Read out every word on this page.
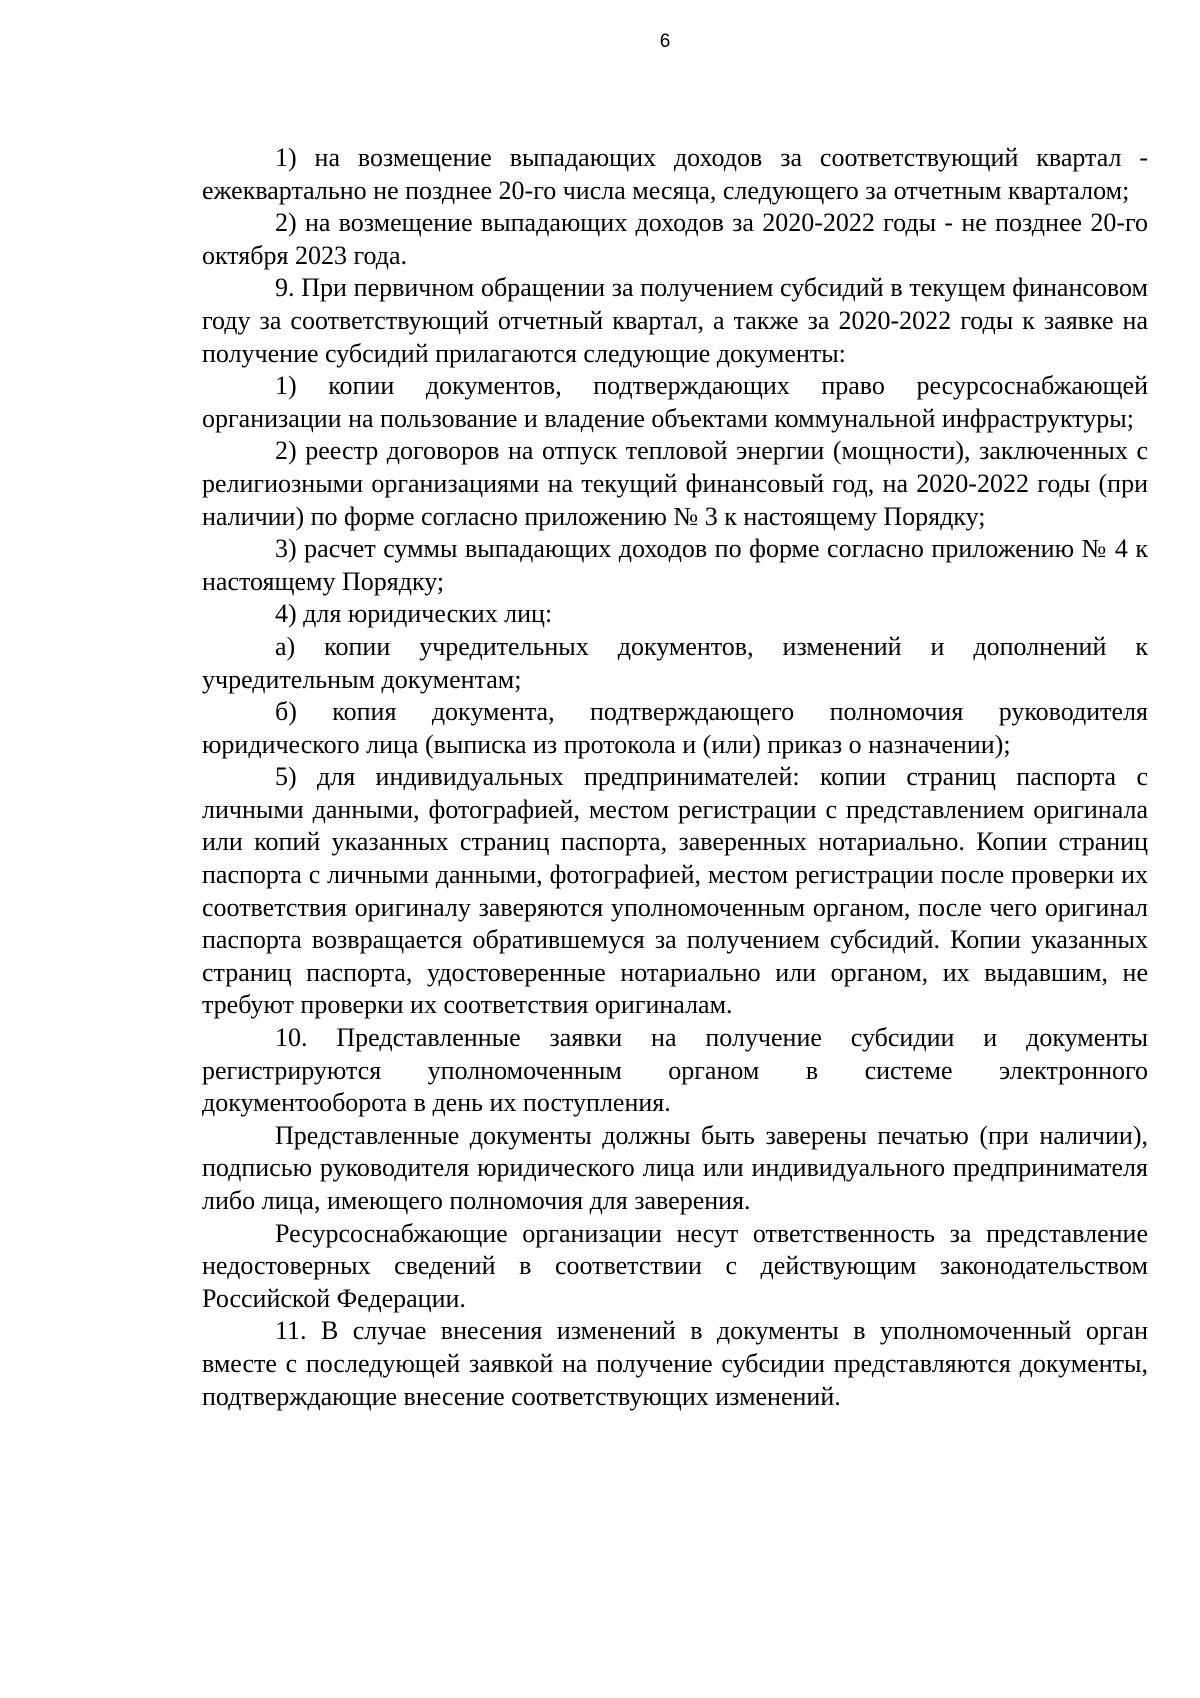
6

1) на возмещение выпадающих доходов за соответствующий квартал - ежеквартально не позднее 20-го числа месяца, следующего за отчетным кварталом;

2) на возмещение выпадающих доходов за 2020-2022 годы - не позднее 20-го октября 2023 года.

9. При первичном обращении за получением субсидий в текущем финансовом году за соответствующий отчетный квартал, а также за 2020-2022 годы к заявке на получение субсидий прилагаются следующие документы:

1) копии документов, подтверждающих право ресурсоснабжающей организации на пользование и владение объектами коммунальной инфраструктуры;

2) реестр договоров на отпуск тепловой энергии (мощности), заключенных с религиозными организациями на текущий финансовый год, на 2020-2022 годы (при наличии) по форме согласно приложению № 3 к настоящему Порядку;

3) расчет суммы выпадающих доходов по форме согласно приложению № 4 к настоящему Порядку;

4) для юридических лиц:

а) копии учредительных документов, изменений и дополнений к учредительным документам;

б) копия документа, подтверждающего полномочия руководителя юридического лица (выписка из протокола и (или) приказ о назначении);

5) для индивидуальных предпринимателей: копии страниц паспорта с личными данными, фотографией, местом регистрации с представлением оригинала или копий указанных страниц паспорта, заверенных нотариально. Копии страниц паспорта с личными данными, фотографией, местом регистрации после проверки их соответствия оригиналу заверяются уполномоченным органом, после чего оригинал паспорта возвращается обратившемуся за получением субсидий. Копии указанных страниц паспорта, удостоверенные нотариально или органом, их выдавшим, не требуют проверки их соответствия оригиналам.

10. Представленные заявки на получение субсидии и документы регистрируются уполномоченным органом в системе электронного документооборота в день их поступления.

Представленные документы должны быть заверены печатью (при наличии), подписью руководителя юридического лица или индивидуального предпринимателя либо лица, имеющего полномочия для заверения.

Ресурсоснабжающие организации несут ответственность за представление недостоверных сведений в соответствии с действующим законодательством Российской Федерации.

11. В случае внесения изменений в документы в уполномоченный орган вместе с последующей заявкой на получение субсидии представляются документы, подтверждающие внесение соответствующих изменений.
